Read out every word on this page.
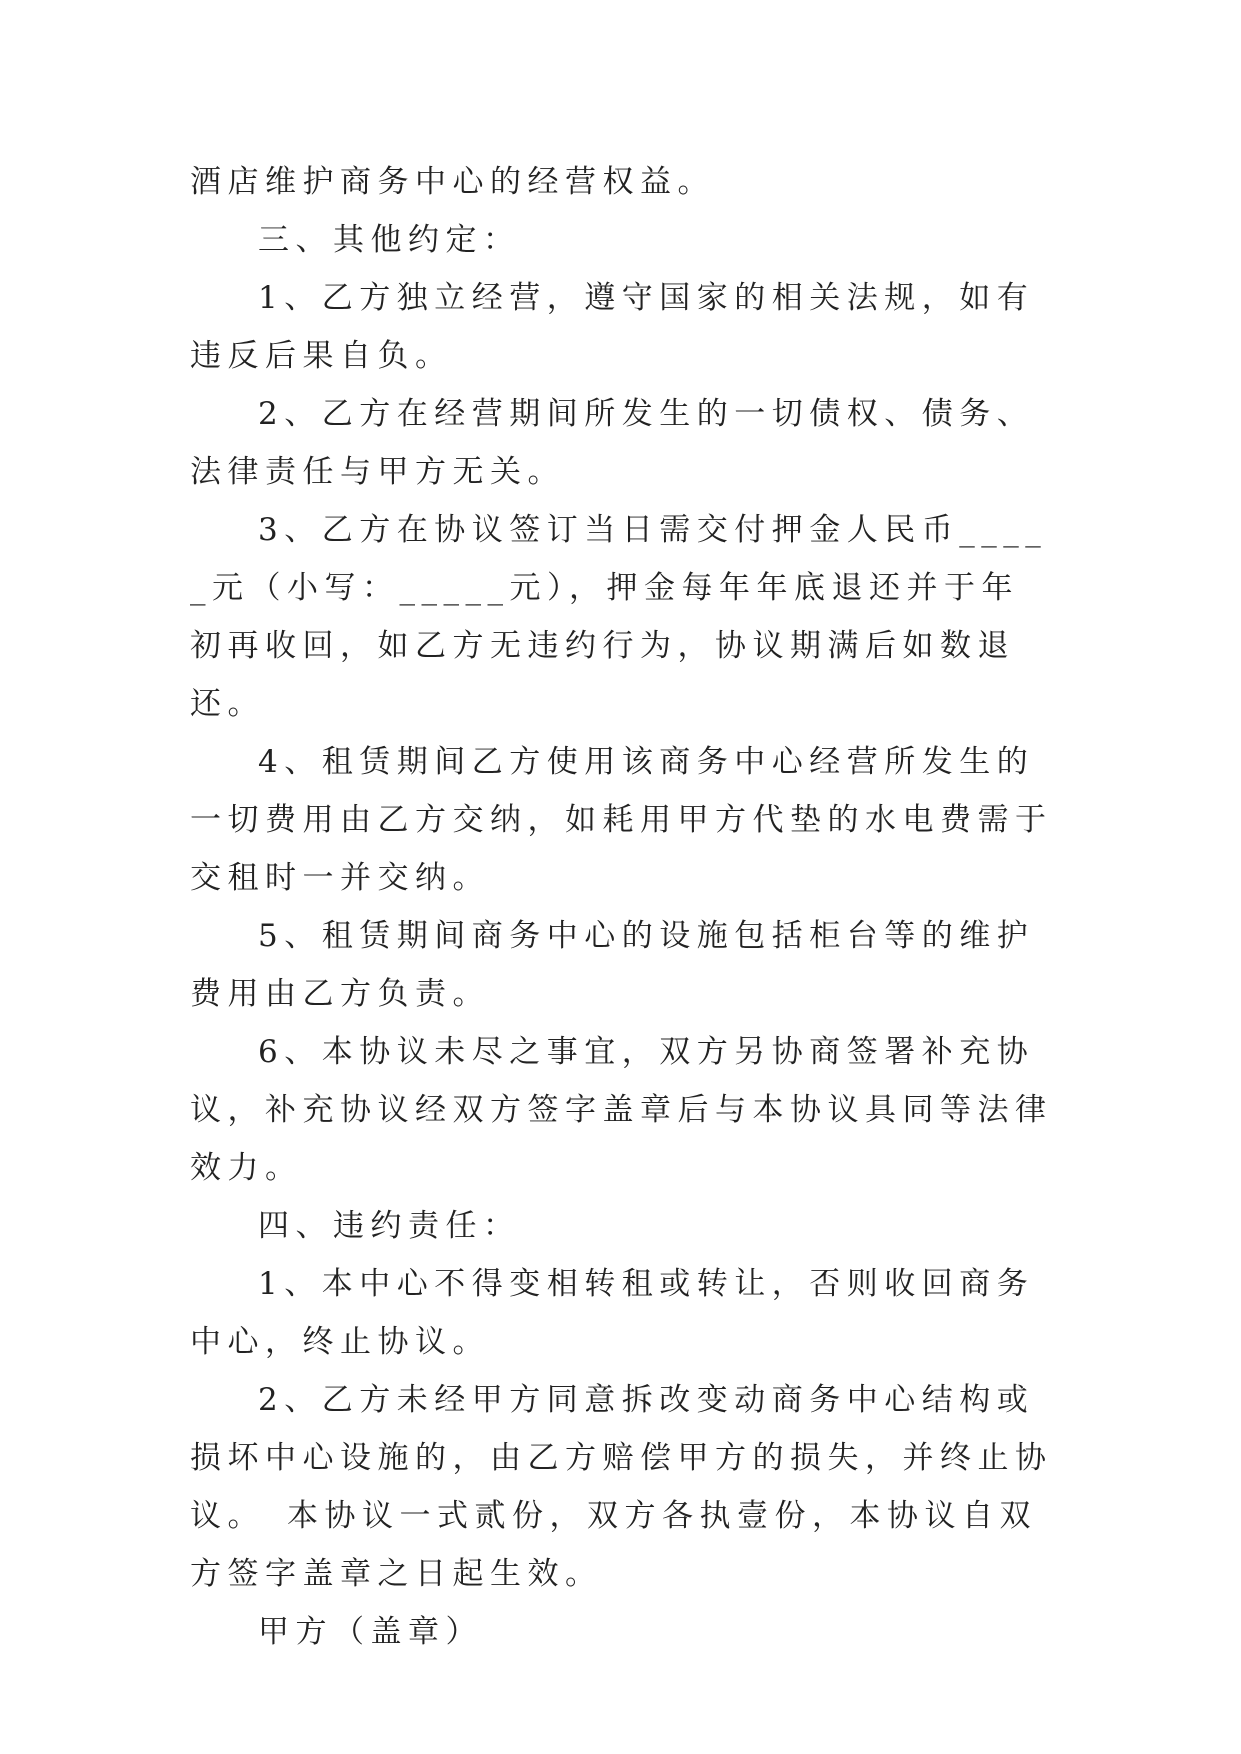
酒店维护商务中心的经营权益。

三、其他约定：

1、乙方独立经营，遵守国家的相关法规，如有违反后果自负。

2、乙方在经营期间所发生的一切债权、债务、法律责任与甲方无关。

3、乙方在协议签订当日需交付押金人民币_____元（小写：_____元），押金每年年底退还并于年初再收回，如乙方无违约行为，协议期满后如数退还。

4、租赁期间乙方使用该商务中心经营所发生的一切费用由乙方交纳，如耗用甲方代垫的水电费需于交租时一并交纳。

5、租赁期间商务中心的设施包括柜台等的维护费用由乙方负责。

6、本协议未尽之事宜，双方另协商签署补充协议，补充协议经双方签字盖章后与本协议具同等法律效力。

四、违约责任：

1、本中心不得变相转租或转让，否则收回商务中心，终止协议。

2、乙方未经甲方同意拆改变动商务中心结构或损坏中心设施的，由乙方赔偿甲方的损失，并终止协议。　本协议一式贰份，双方各执壹份，本协议自双方签字盖章之日起生效。

甲方（盖章）
